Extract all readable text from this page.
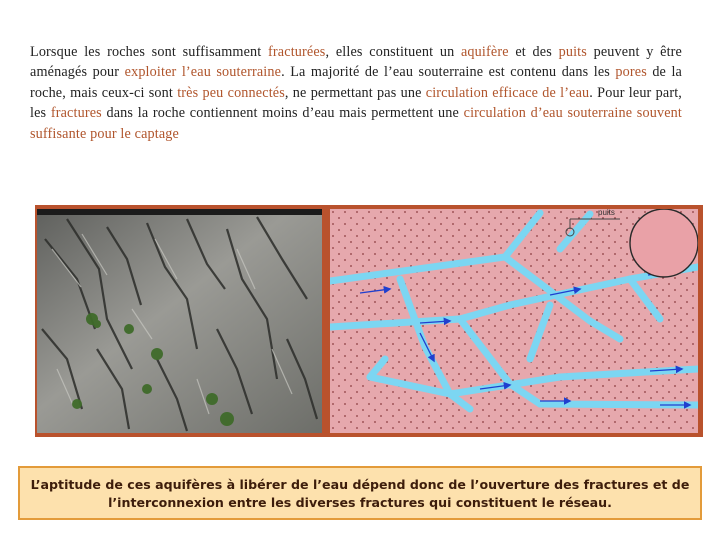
Lorsque les roches sont suffisamment fracturées, elles constituent un aquifère et des puits peuvent y être aménagés pour exploiter l’eau souterraine. La majorité de l’eau souterraine est contenu dans les pores de la roche, mais ceux-ci sont très peu connectés, ne permettant pas une circulation efficace de l’eau. Pour leur part, les fractures dans la roche contiennent moins d’eau mais permettent une circulation d’eau souterraine souvent suffisante pour le captage
puits
L’aptitude de ces aquifères à libérer de l’eau dépend donc de l’ouverture des fractures et de
l’interconnexion entre les diverses fractures qui constituent le réseau.
